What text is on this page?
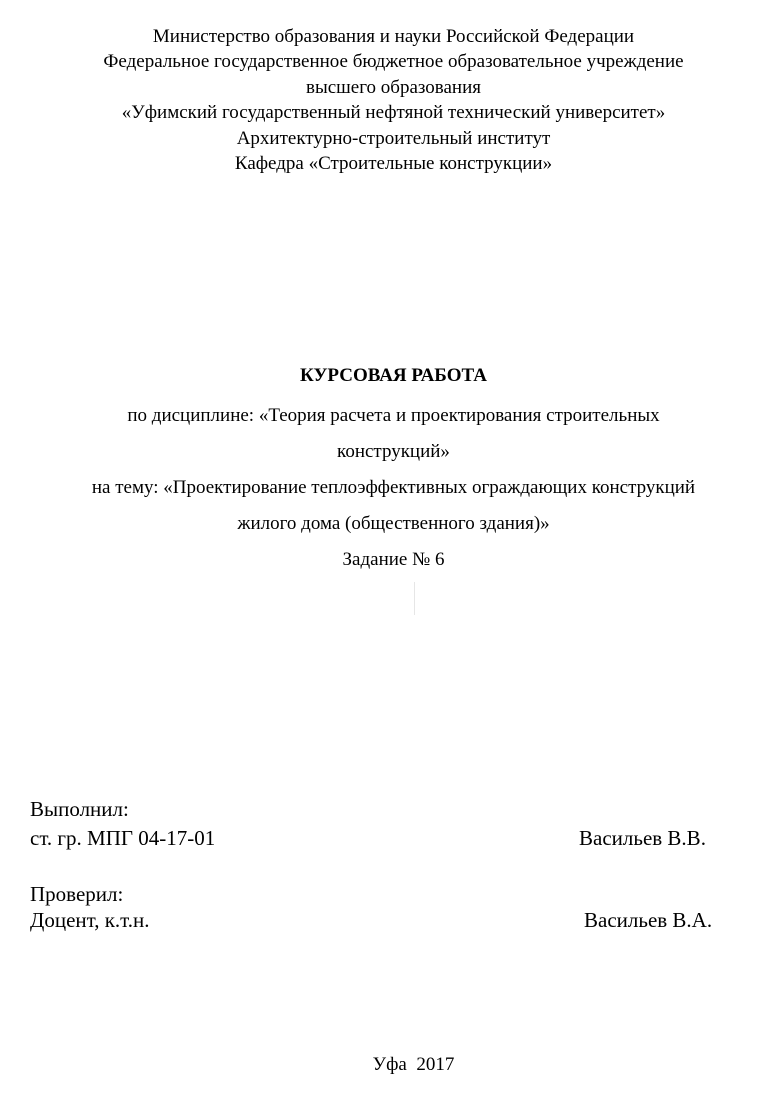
Министерство образования и науки Российской Федерации
Федеральное государственное бюджетное образовательное учреждение
высшего образования
«Уфимский государственный нефтяной технический университет»
Архитектурно-строительный институт
Кафедра «Строительные конструкции»
КУРСОВАЯ РАБОТА
по дисциплине: «Теория расчета и проектирования строительных
конструкций»
на тему: «Проектирование теплоэффективных ограждающих конструкций
жилого дома (общественного здания)»
Задание № 6
Выполнил:
ст. гр. МПГ 04-17-01	Васильев В.В.
Проверил:
Доцент, к.т.н.	Васильев В.А.
Уфа  2017
